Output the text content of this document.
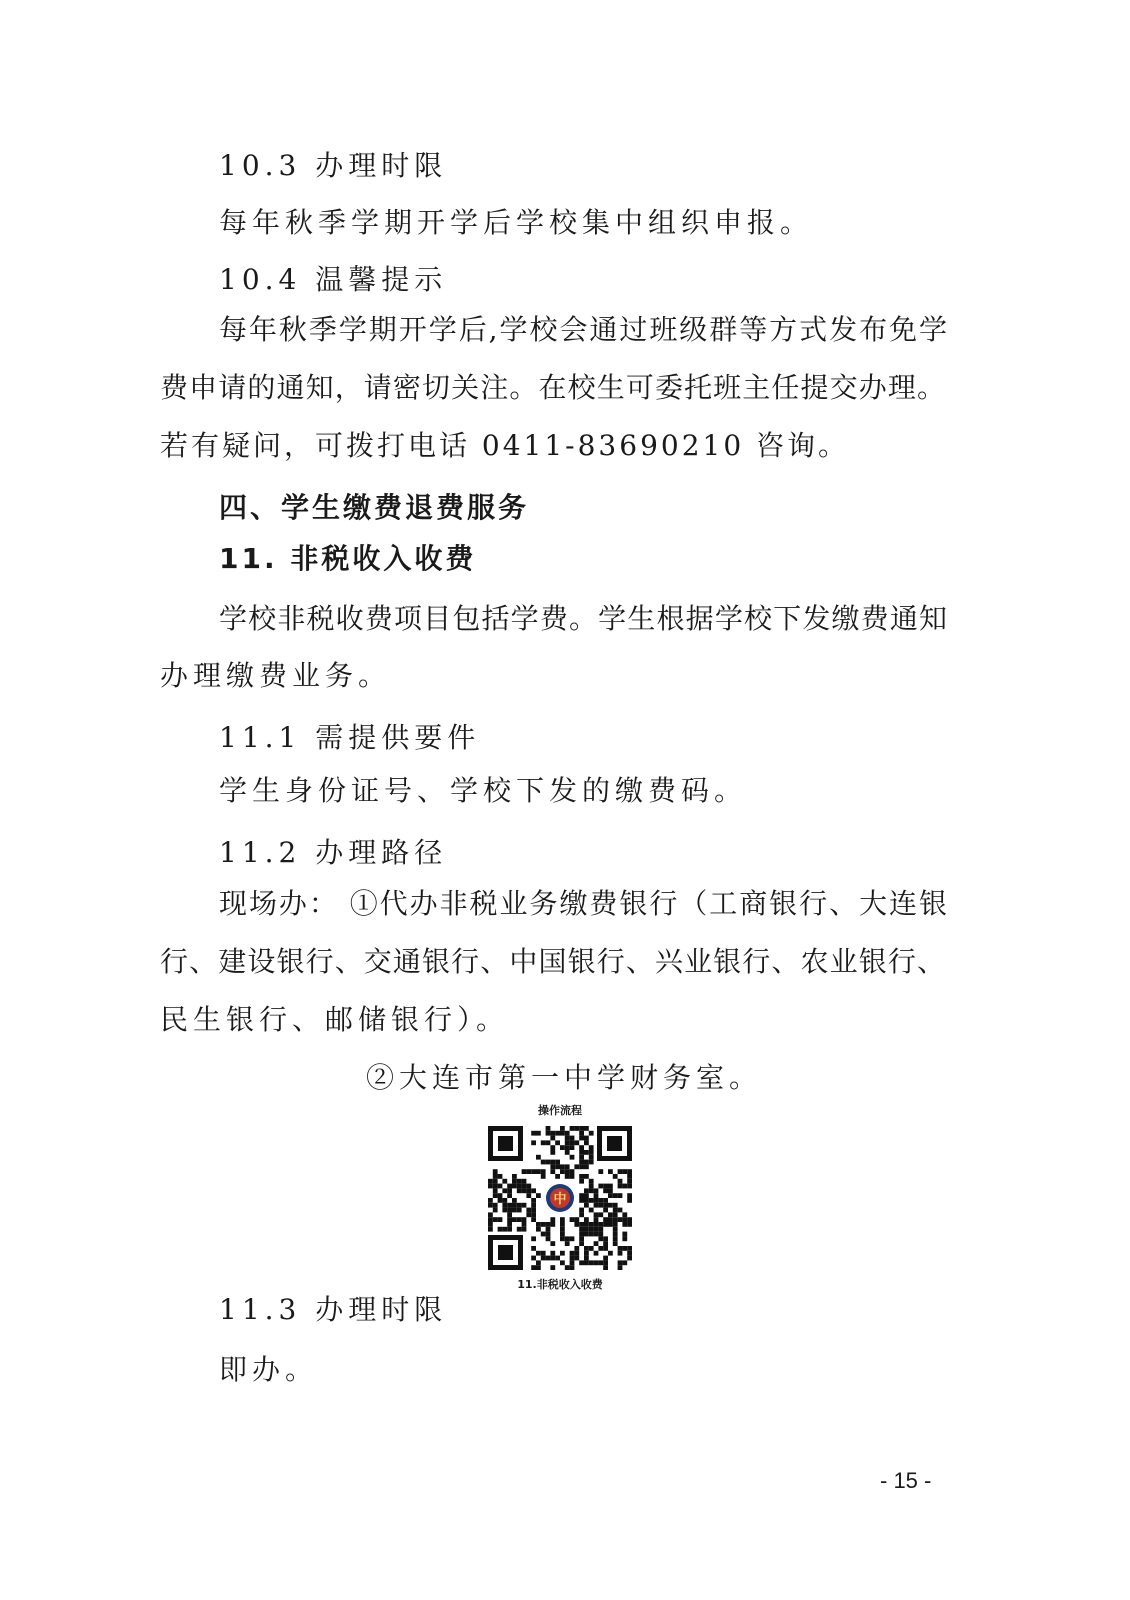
10.3 办理时限
每年秋季学期开学后学校集中组织申报。
10.4 温馨提示
每年秋季学期开学后,学校会通过班级群等方式发布免学
费申请的通知，请密切关注。在校生可委托班主任提交办理。
若有疑问，可拨打电话 0411-83690210 咨询。
四、学生缴费退费服务
11. 非税收入收费
学校非税收费项目包括学费。学生根据学校下发缴费通知
办理缴费业务。
11.1 需提供要件
学生身份证号、学校下发的缴费码。
11.2 办理路径
现场办： ①代办非税业务缴费银行（工商银行、大连银
行、建设银行、交通银行、中国银行、兴业银行、农业银行、
民生银行、邮储银行）。
②大连市第一中学财务室。
操作流程
中
11.非税收入收费
11.3 办理时限
即办。
- 15 -
